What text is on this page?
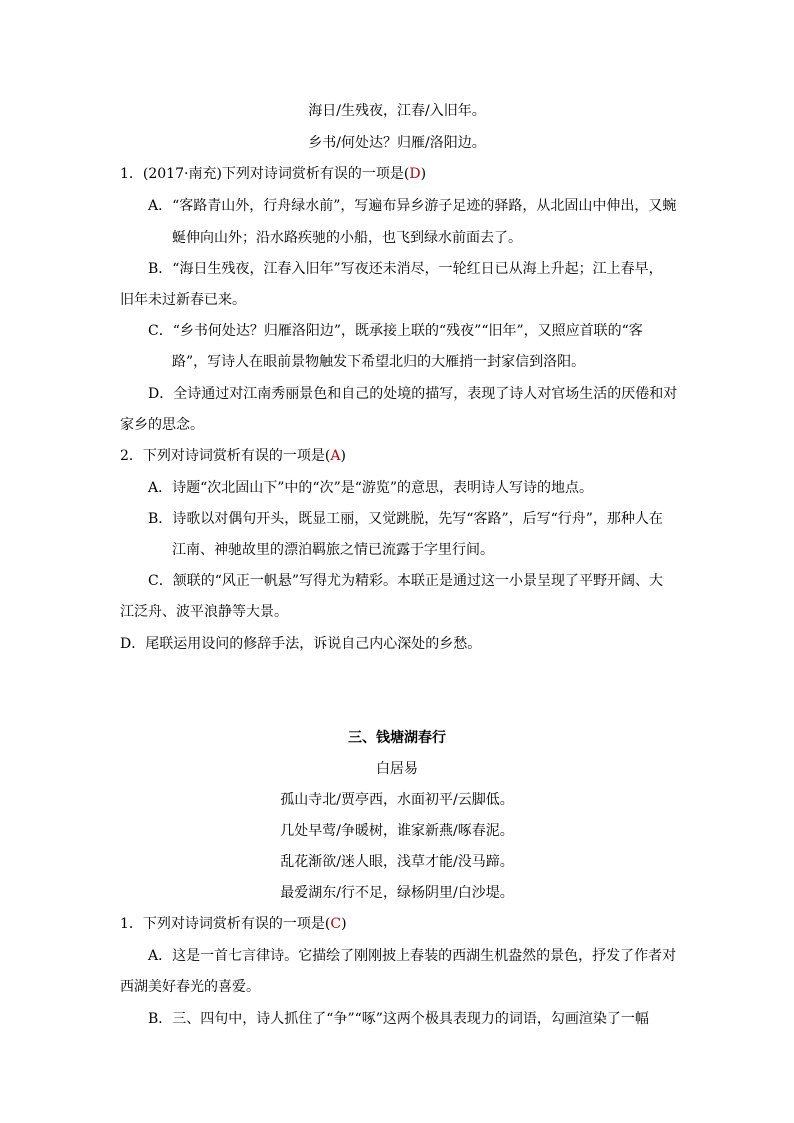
海日/生残夜，江春/入旧年。
乡书/何处达？归雁/洛阳边。
1．(2017·南充)下列对诗词赏析有误的一项是(D)
A．“客路青山外，行舟绿水前”，写遍布异乡游子足迹的驿路，从北固山中伸出，又蜿
蜒伸向山外；沿水路疾驰的小船，也飞到绿水前面去了。
B．“海日生残夜，江春入旧年”写夜还未消尽，一轮红日已从海上升起；江上春早，
旧年未过新春已来。
C．“乡书何处达？归雁洛阳边”，既承接上联的“残夜”“旧年”，又照应首联的“客
路”，写诗人在眼前景物触发下希望北归的大雁捎一封家信到洛阳。
D．全诗通过对江南秀丽景色和自己的处境的描写，表现了诗人对官场生活的厌倦和对
家乡的思念。
2．下列对诗词赏析有误的一项是(A)
A．诗题“次北固山下”中的“次”是“游览”的意思，表明诗人写诗的地点。
B．诗歌以对偶句开头，既显工丽，又觉跳脱，先写“客路”，后写“行舟”，那种人在
江南、神驰故里的漂泊羁旅之情已流露于字里行间。
C．颔联的“风正一帆悬”写得尤为精彩。本联正是通过这一小景呈现了平野开阔、大
江泛舟、波平浪静等大景。
D．尾联运用设问的修辞手法，诉说自己内心深处的乡愁。
三、钱塘湖春行
白居易
孤山寺北/贾亭西，水面初平/云脚低。
几处早莺/争暖树，谁家新燕/啄春泥。
乱花渐欲/迷人眼，浅草才能/没马蹄。
最爱湖东/行不足，绿杨阴里/白沙堤。
1．下列对诗词赏析有误的一项是(C)
A．这是一首七言律诗。它描绘了刚刚披上春装的西湖生机盎然的景色，抒发了作者对
西湖美好春光的喜爱。
B．三、四句中，诗人抓住了“争”“啄”这两个极具表现力的词语，勾画渲染了一幅
